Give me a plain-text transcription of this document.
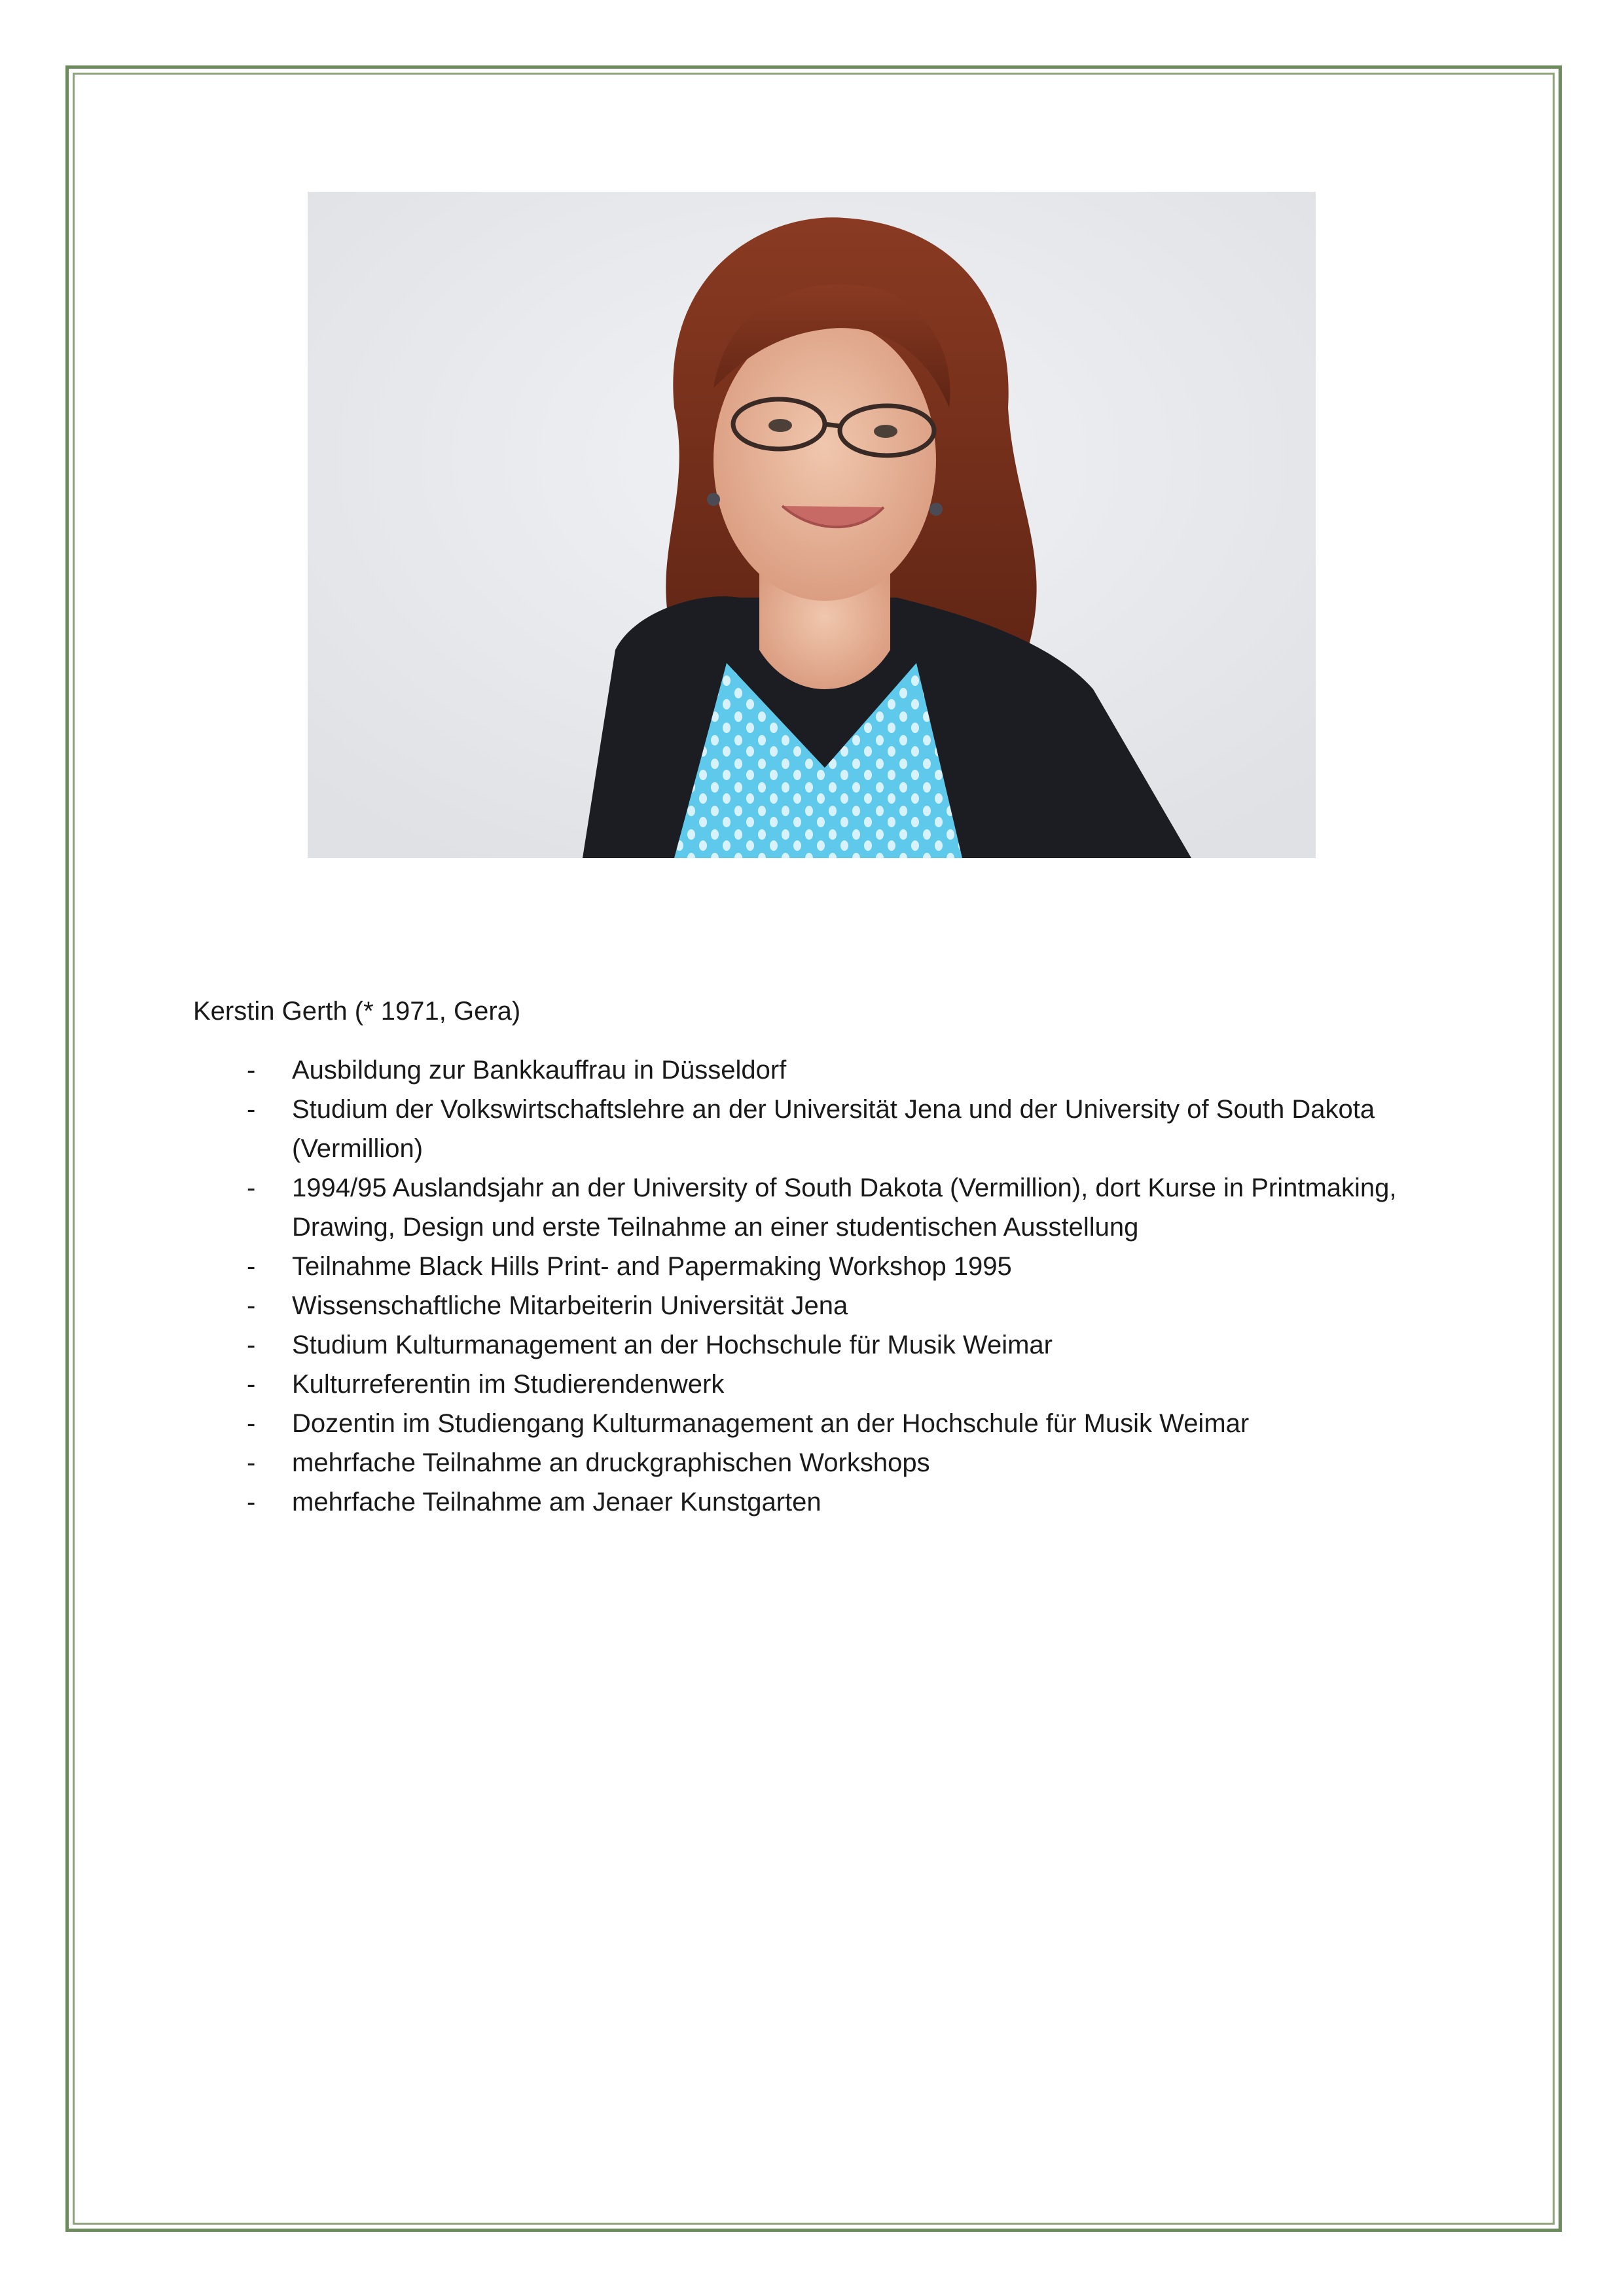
Kerstin Gerth (* 1971, Gera)
- Ausbildung zur Bankkauffrau in Düsseldorf
- Studium der Volkswirtschaftslehre an der Universität Jena und der University of South Dakota (Vermillion)
- 1994/95 Auslandsjahr an der University of South Dakota (Vermillion), dort Kurse in Printmaking, Drawing, Design und erste Teilnahme an einer studentischen Ausstellung
- Teilnahme Black Hills Print- and Papermaking Workshop 1995
- Wissenschaftliche Mitarbeiterin Universität Jena
- Studium Kulturmanagement an der Hochschule für Musik Weimar
- Kulturreferentin im Studierendenwerk
- Dozentin im Studiengang Kulturmanagement an der Hochschule für Musik Weimar
- mehrfache Teilnahme an druckgraphischen Workshops
- mehrfache Teilnahme am Jenaer Kunstgarten
